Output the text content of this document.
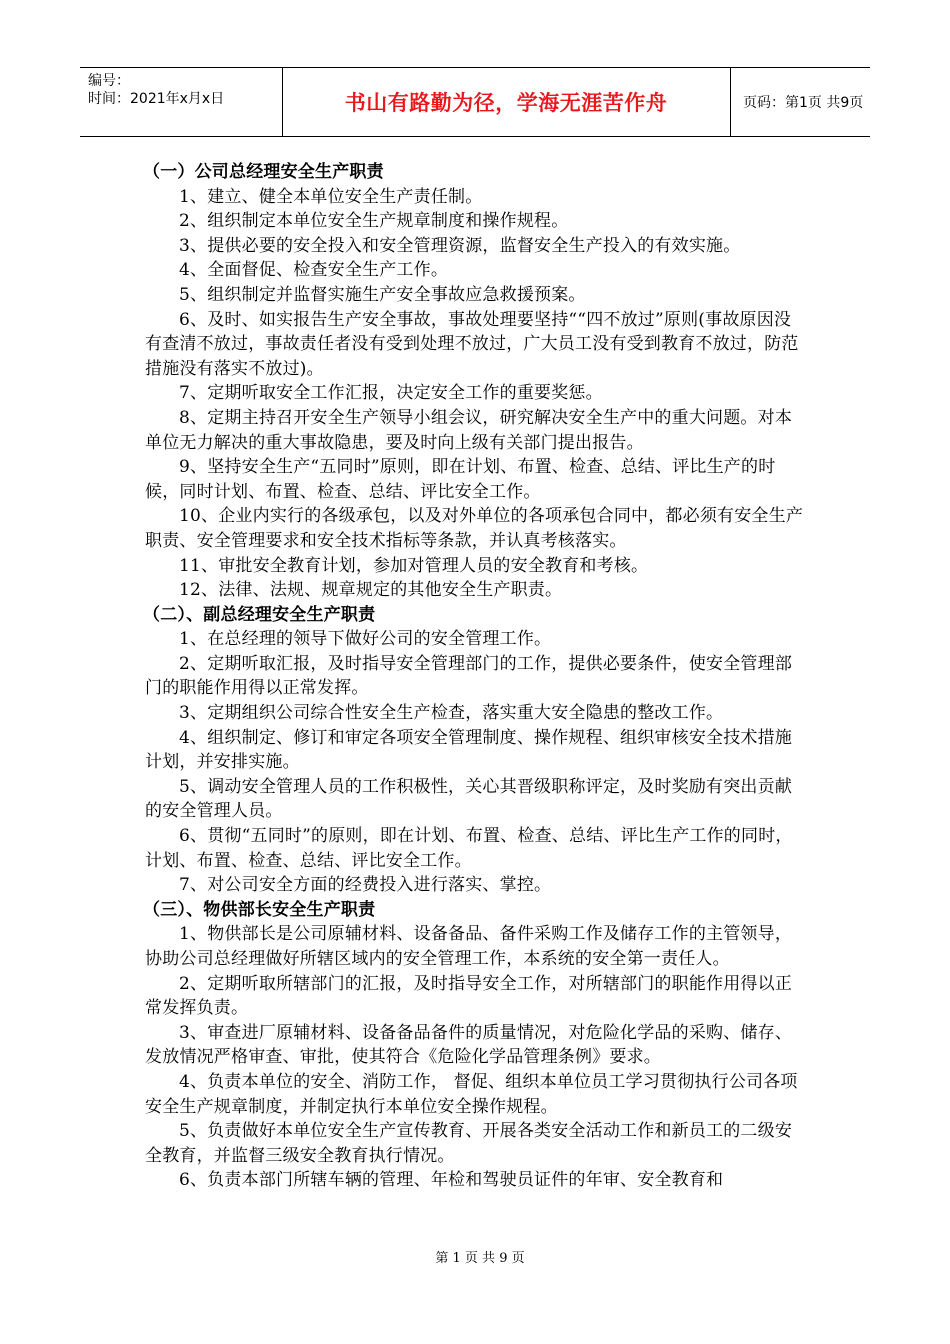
编号：
时间：2021年x月x日	书山有路勤为径，学海无涯苦作舟	页码：第1页 共9页

（一）公司总经理安全生产职责

1、建立、健全本单位安全生产责任制。

2、组织制定本单位安全生产规章制度和操作规程。

3、提供必要的安全投入和安全管理资源，监督安全生产投入的有效实施。

4、全面督促、检查安全生产工作。

5、组织制定并监督实施生产安全事故应急救援预案。

6、及时、如实报告生产安全事故，事故处理要坚持““四不放过”原则(事故原因没有查清不放过，事故责任者没有受到处理不放过，广大员工没有受到教育不放过，防范措施没有落实不放过)。

7、定期听取安全工作汇报，决定安全工作的重要奖惩。

8、定期主持召开安全生产领导小组会议，研究解决安全生产中的重大问题。对本单位无力解决的重大事故隐患，要及时向上级有关部门提出报告。

9、坚持安全生产“五同时”原则，即在计划、布置、检查、总结、评比生产的时候，同时计划、布置、检查、总结、评比安全工作。

10、企业内实行的各级承包，以及对外单位的各项承包合同中，都必须有安全生产职责、安全管理要求和安全技术指标等条款，并认真考核落实。

11、审批安全教育计划，参加对管理人员的安全教育和考核。

12、法律、法规、规章规定的其他安全生产职责。

（二）、副总经理安全生产职责

1、在总经理的领导下做好公司的安全管理工作。

2、定期听取汇报，及时指导安全管理部门的工作，提供必要条件，使安全管理部门的职能作用得以正常发挥。

3、定期组织公司综合性安全生产检查，落实重大安全隐患的整改工作。

4、组织制定、修订和审定各项安全管理制度、操作规程、组织审核安全技术措施计划，并安排实施。

5、调动安全管理人员的工作积极性，关心其晋级职称评定，及时奖励有突出贡献的安全管理人员。

6、贯彻“五同时”的原则，即在计划、布置、检查、总结、评比生产工作的同时，计划、布置、检查、总结、评比安全工作。

7、对公司安全方面的经费投入进行落实、掌控。

（三）、物供部长安全生产职责

1、物供部长是公司原辅材料、设备备品、备件采购工作及储存工作的主管领导，协助公司总经理做好所辖区域内的安全管理工作，本系统的安全第一责任人。

2、定期听取所辖部门的汇报，及时指导安全工作，对所辖部门的职能作用得以正常发挥负责。

3、审查进厂原辅材料、设备备品备件的质量情况，对危险化学品的采购、储存、发放情况严格审查、审批，使其符合《危险化学品管理条例》要求。

4、负责本单位的安全、消防工作， 督促、组织本单位员工学习贯彻执行公司各项安全生产规章制度，并制定执行本单位安全操作规程。

5、负责做好本单位安全生产宣传教育、开展各类安全活动工作和新员工的二级安全教育，并监督三级安全教育执行情况。

6、负责本部门所辖车辆的管理、年检和驾驶员证件的年审、安全教育和

第 1 页 共 9 页
